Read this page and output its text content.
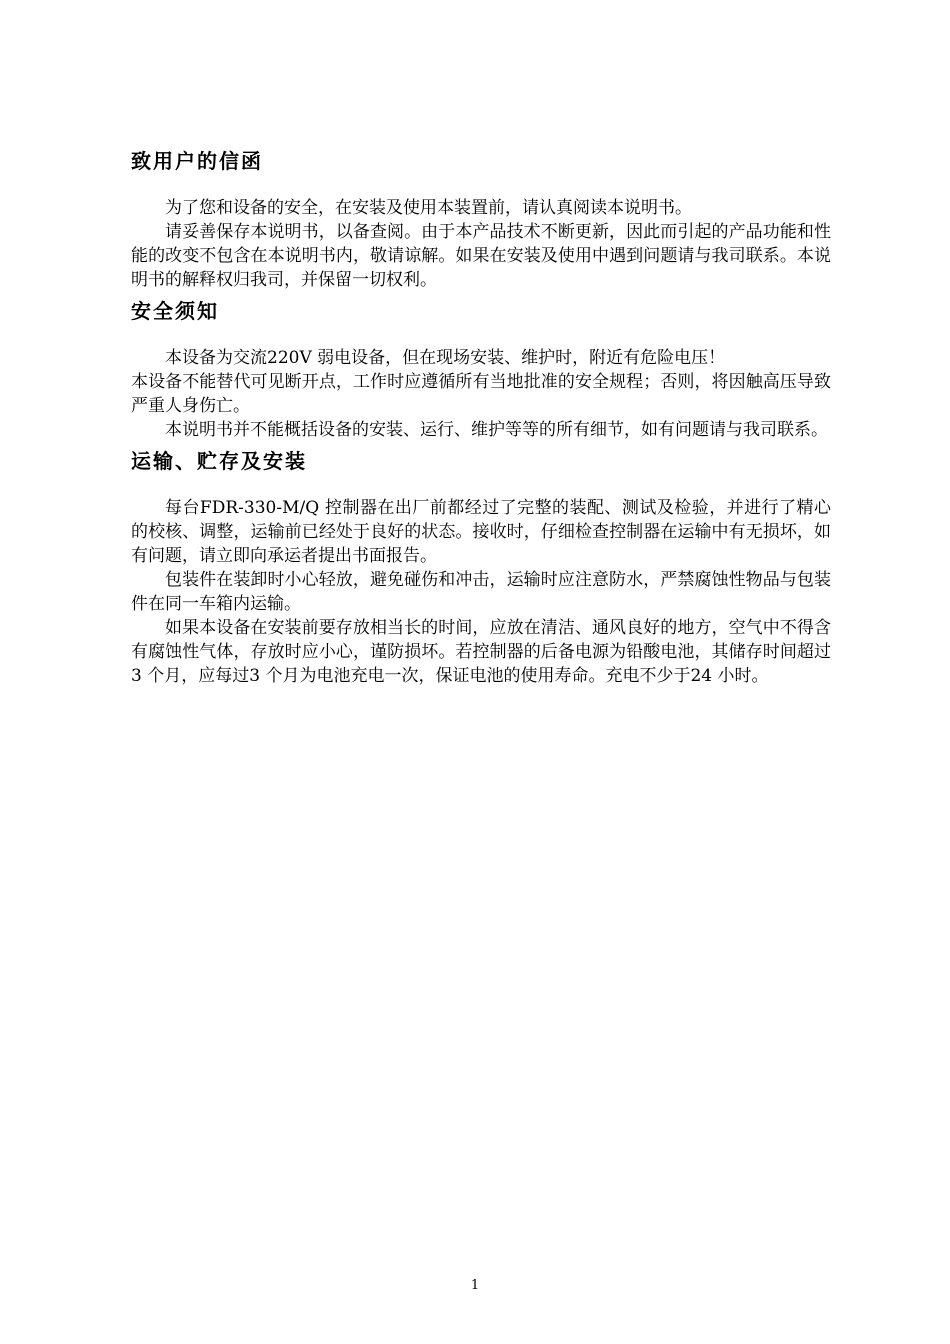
致用户的信函

为了您和设备的安全，在安装及使用本装置前，请认真阅读本说明书。

请妥善保存本说明书，以备查阅。由于本产品技术不断更新，因此而引起的产品功能和性能的改变不包含在本说明书内，敬请谅解。如果在安装及使用中遇到问题请与我司联系。本说明书的解释权归我司，并保留一切权利。

安全须知

本设备为交流220V 弱电设备，但在现场安装、维护时，附近有危险电压！

本设备不能替代可见断开点，工作时应遵循所有当地批准的安全规程；否则，将因触高压导致严重人身伤亡。

本说明书并不能概括设备的安装、运行、维护等等的所有细节，如有问题请与我司联系。

运输、贮存及安装

每台FDR-330-M/Q 控制器在出厂前都经过了完整的装配、测试及检验，并进行了精心的校核、调整，运输前已经处于良好的状态。接收时，仔细检查控制器在运输中有无损坏，如有问题，请立即向承运者提出书面报告。

包装件在装卸时小心轻放，避免碰伤和冲击，运输时应注意防水，严禁腐蚀性物品与包装件在同一车箱内运输。

如果本设备在安装前要存放相当长的时间，应放在清洁、通风良好的地方，空气中不得含有腐蚀性气体，存放时应小心，谨防损坏。若控制器的后备电源为铅酸电池，其储存时间超过3 个月，应每过3 个月为电池充电一次，保证电池的使用寿命。充电不少于24 小时。

1
